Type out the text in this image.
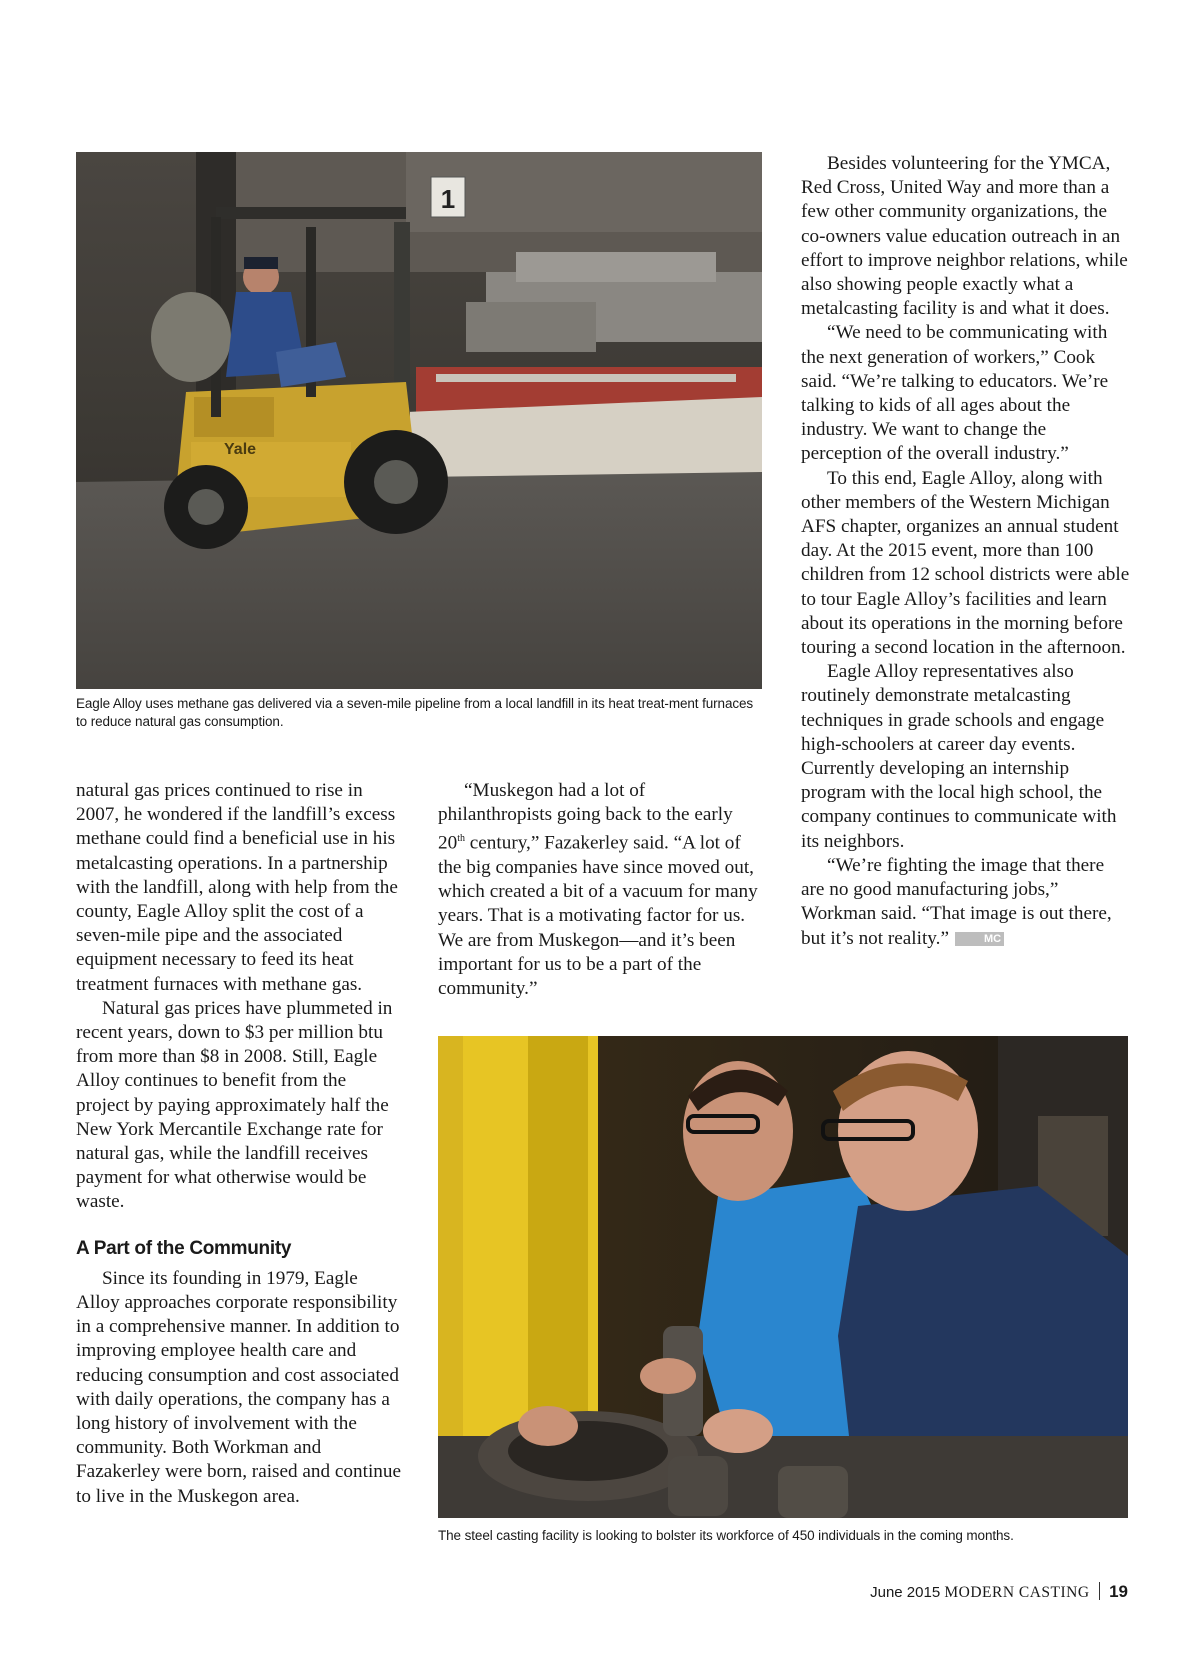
1
Yale
Eagle Alloy uses methane gas delivered via a seven-mile pipeline from a local landfill in its heat treat-ment furnaces to reduce natural gas consumption.

natural gas prices continued to rise in 2007, he wondered if the landfill’s excess methane could find a beneficial use in his metalcasting operations. In a partnership with the landfill, along with help from the county, Eagle Alloy split the cost of a seven-mile pipe and the associated equipment necessary to feed its heat treatment furnaces with methane gas.

Natural gas prices have plummeted in recent years, down to $3 per million btu from more than $8 in 2008. Still, Eagle Alloy continues to benefit from the project by paying approximately half the New York Mercantile Exchange rate for natural gas, while the landfill receives payment for what otherwise would be waste.

A Part of the Community

Since its founding in 1979, Eagle Alloy approaches corporate responsibility in a comprehensive manner. In addition to improving employee health care and reducing consumption and cost associated with daily operations, the company has a long history of involvement with the community. Both Workman and Fazakerley were born, raised and continue to live in the Muskegon area.

“Muskegon had a lot of philanthropists going back to the early 20th century,” Fazakerley said. “A lot of the big companies have since moved out, which created a bit of a vacuum for many years. That is a motivating factor for us. We are from Muskegon—and it’s been important for us to be a part of the community.”

Besides volunteering for the YMCA, Red Cross, United Way and more than a few other community organizations, the co-owners value education outreach in an effort to improve neighbor relations, while also showing people exactly what a metalcasting facility is and what it does.

“We need to be communicating with the next generation of workers,” Cook said. “We’re talking to educators. We’re talking to kids of all ages about the industry. We want to change the perception of the overall industry.”

To this end, Eagle Alloy, along with other members of the Western Michigan AFS chapter, organizes an annual student day. At the 2015 event, more than 100 children from 12 school districts were able to tour Eagle Alloy’s facilities and learn about its operations in the morning before touring a second location in the afternoon.

Eagle Alloy representatives also routinely demonstrate metalcasting techniques in grade schools and engage high-schoolers at career day events. Currently developing an internship program with the local high school, the company continues to communicate with its neighbors.

“We’re fighting the image that there are no good manufacturing jobs,” Workman said. “That image is out there, but it’s not reality.”	MC

The steel casting facility is looking to bolster its workforce of 450 individuals in the coming months.
June 2015 MODERN CASTING 19
